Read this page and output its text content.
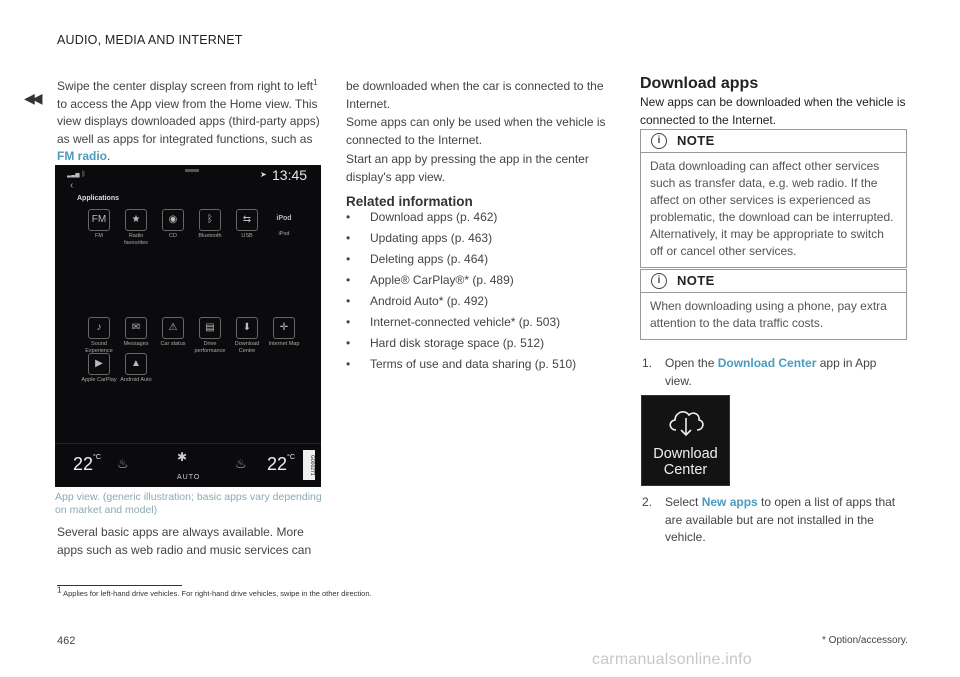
AUDIO, MEDIA AND INTERNET
◀◀
Swipe the center display screen from right to left$^1$ to access the App view from the Home view. This view displays downloaded apps (third-party apps) as well as apps for integrated functions, such as FM radio.
▂▃▅ ᛒ	➤ 13:45
‹
Applications
FM
FM
★
Radio favourites
◉
CD
ᛒ
Bluetooth
⇆
USB
iPod
iPod
♪
Sound Experience
✉
Messages
⚠
Car status
▤
Drive performance
⬇
Download Centre
✛
Internet Map
▶
Apple CarPlay
▲
Android Auto
$22^{^\circ C}$ ♨	✱
AUTO
♨ $22^{^\circ C}$	G000271
App view. (generic illustration; basic apps vary depending on market and model)
Several basic apps are always available. More apps such as web radio and music services can
be downloaded when the car is connected to the Internet.
Some apps can only be used when the vehicle is connected to the Internet.
Start an app by pressing the app in the center display's app view.
Related information
• Download apps (p. 462)
• Updating apps (p. 463)
• Deleting apps (p. 464)
• Apple® CarPlay®* (p. 489)
• Android Auto* (p. 492)
• Internet-connected vehicle* (p. 503)
• Hard disk storage space (p. 512)
• Terms of use and data sharing (p. 510)
Download apps
New apps can be downloaded when the vehicle is connected to the Internet.
i	NOTE
Data downloading can affect other services such as transfer data, e.g. web radio. If the affect on other services is experienced as problematic, the download can be interrupted. Alternatively, it may be appropriate to switch off or cancel other services.
i	NOTE
When downloading using a phone, pay extra attention to the data traffic costs.
1.	Open the Download Center app in App view.
Download
Center
2.	Select New apps to open a list of apps that are available but are not installed in the vehicle.
$^1$ Applies for left-hand drive vehicles. For right-hand drive vehicles, swipe in the other direction.
* Option/accessory.
462
carmanualsonline.info
